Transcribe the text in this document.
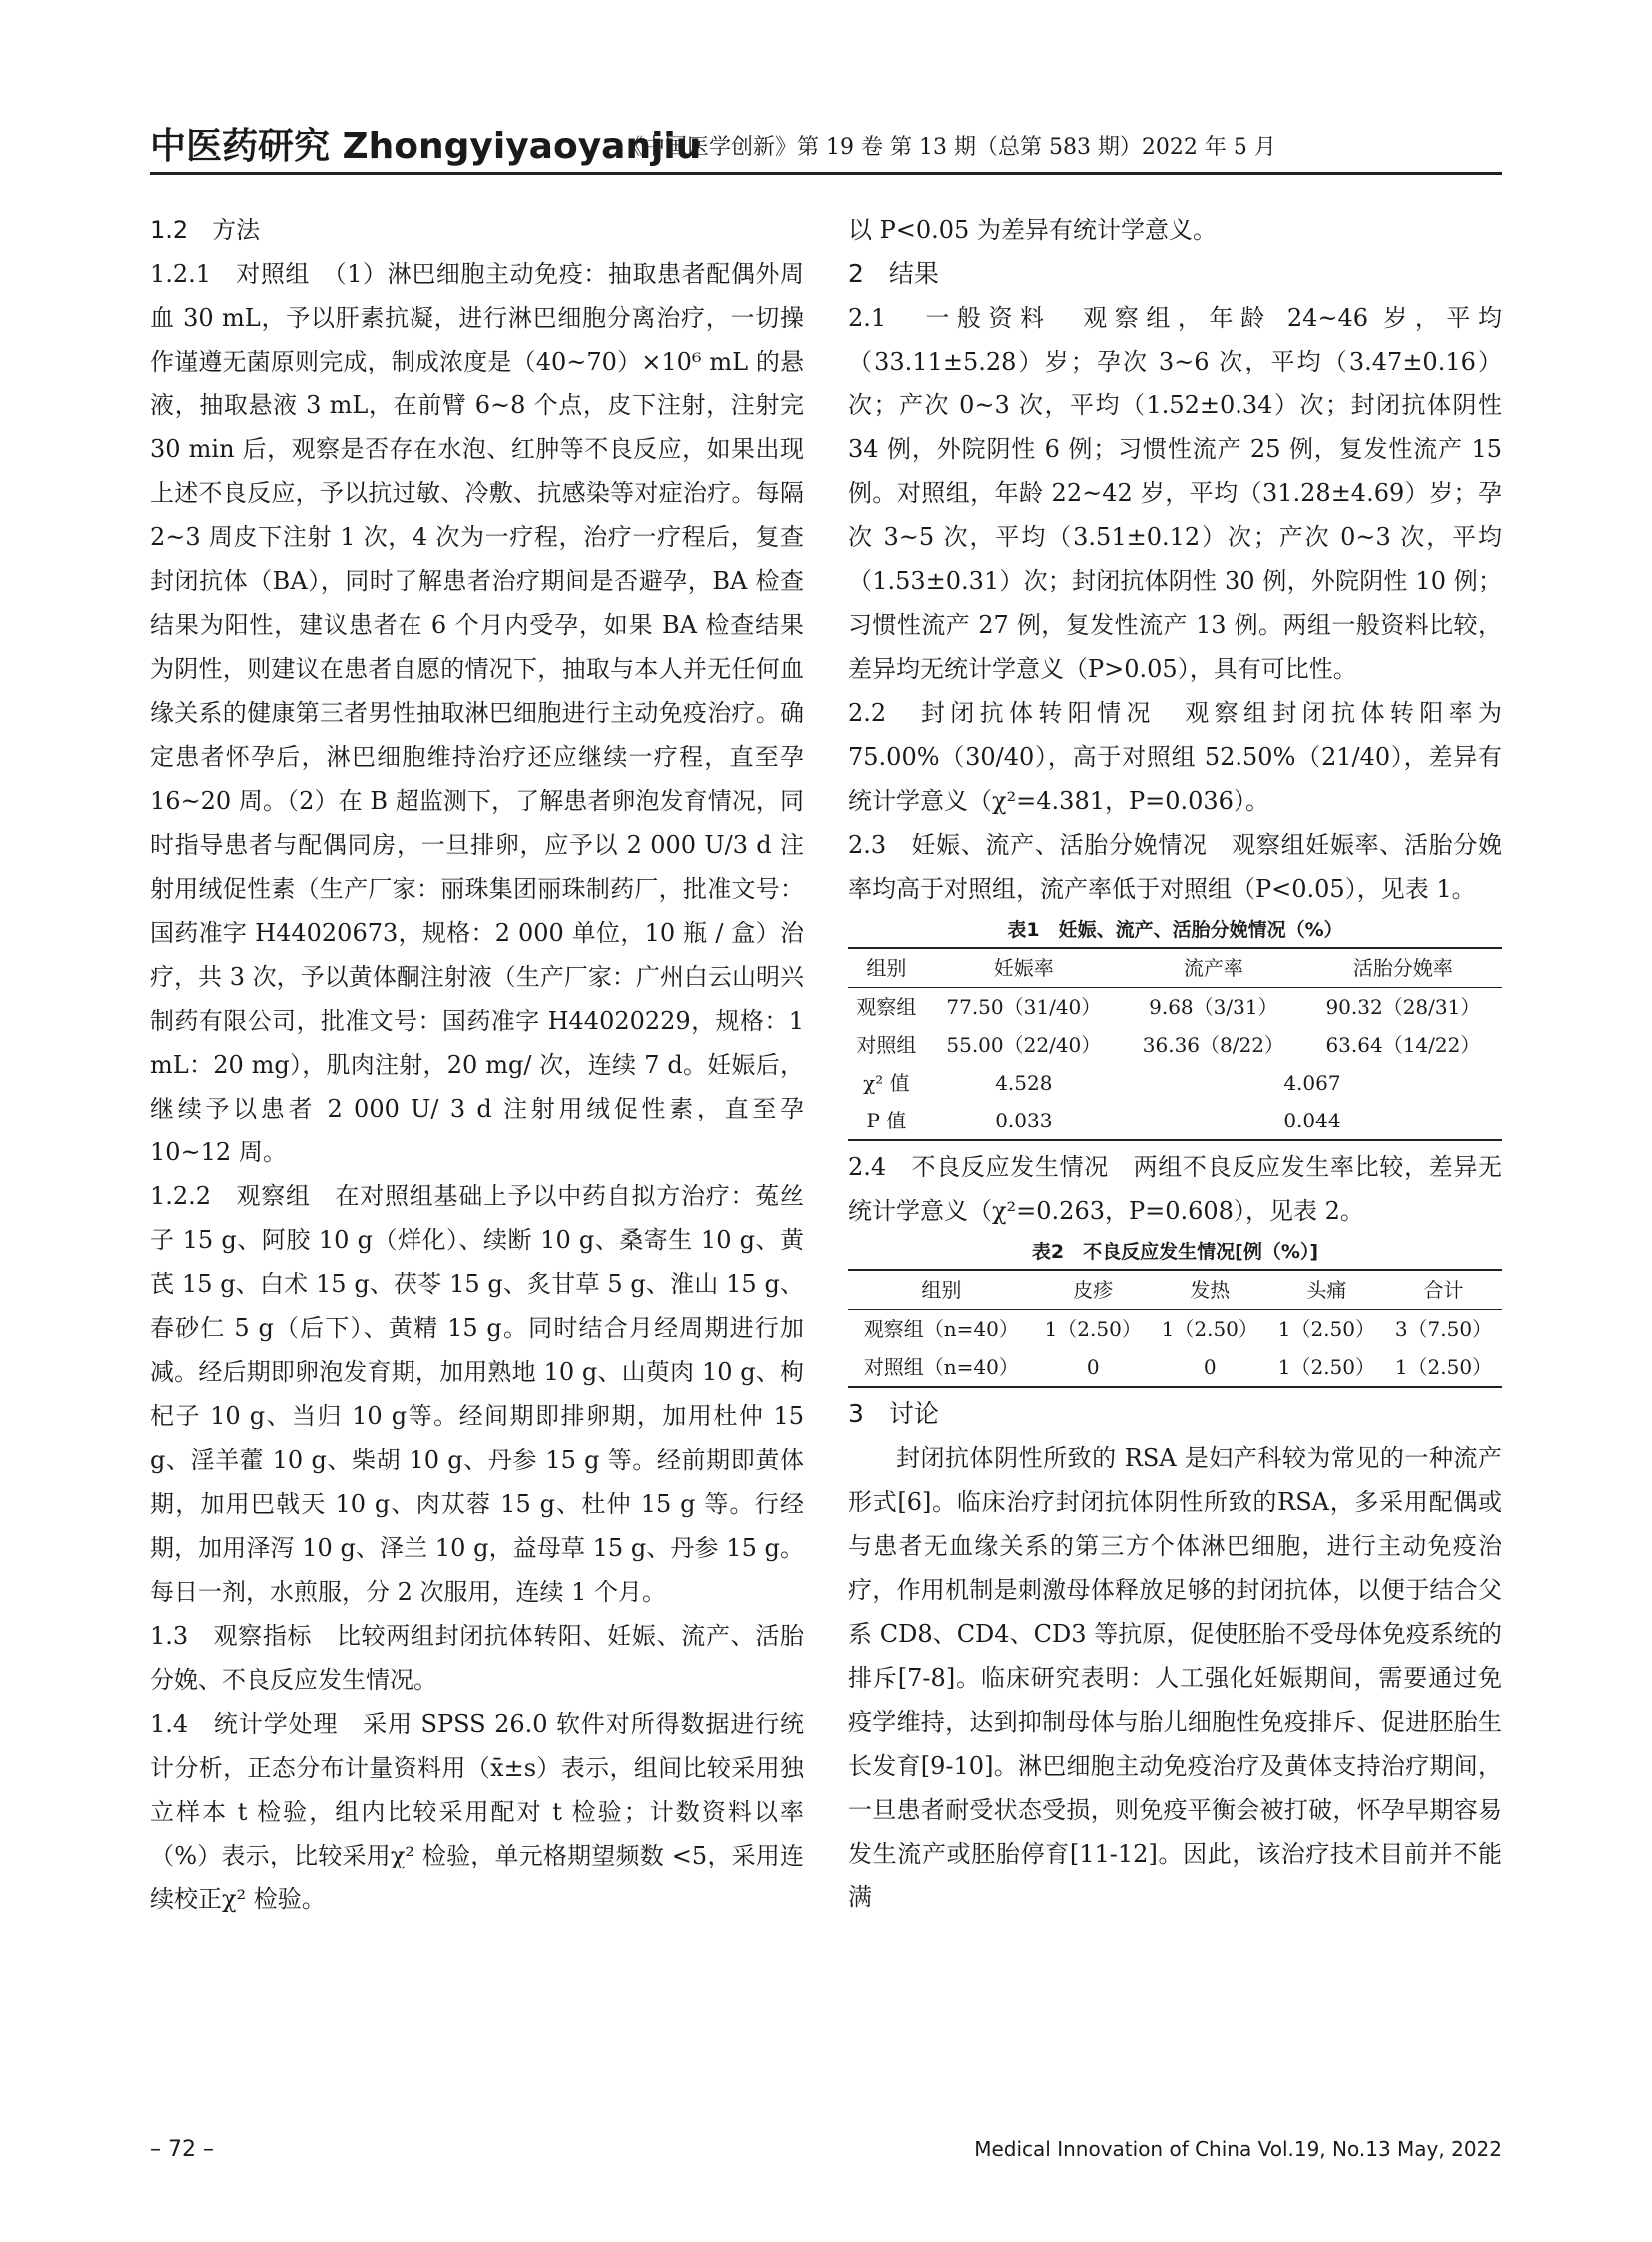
中医药研究 Zhongyiyaoyanjiu
《中国医学创新》第 19 卷 第 13 期（总第 583 期）2022 年 5 月

1.2　方法

1.2.1　对照组　（1）淋巴细胞主动免疫：抽取患者配偶外周血 30 mL，予以肝素抗凝，进行淋巴细胞分离治疗，一切操作谨遵无菌原则完成，制成浓度是（40~70）×10⁶ mL 的悬液，抽取悬液 3 mL，在前臂 6~8 个点，皮下注射，注射完 30 min 后，观察是否存在水泡、红肿等不良反应，如果出现上述不良反应，予以抗过敏、冷敷、抗感染等对症治疗。每隔 2~3 周皮下注射 1 次，4 次为一疗程，治疗一疗程后，复查封闭抗体（BA），同时了解患者治疗期间是否避孕，BA 检查结果为阳性，建议患者在 6 个月内受孕，如果 BA 检查结果为阴性，则建议在患者自愿的情况下，抽取与本人并无任何血缘关系的健康第三者男性抽取淋巴细胞进行主动免疫治疗。确定患者怀孕后，淋巴细胞维持治疗还应继续一疗程，直至孕 16~20 周。（2）在 B 超监测下，了解患者卵泡发育情况，同时指导患者与配偶同房，一旦排卵，应予以 2 000 U/3 d 注射用绒促性素（生产厂家：丽珠集团丽珠制药厂，批准文号：国药准字 H44020673，规格：2 000 单位，10 瓶 / 盒）治疗，共 3 次，予以黄体酮注射液（生产厂家：广州白云山明兴制药有限公司，批准文号：国药准字 H44020229，规格：1 mL：20 mg），肌肉注射，20 mg/ 次，连续 7 d。妊娠后，继续予以患者 2 000 U/ 3 d 注射用绒促性素，直至孕 10~12 周。

1.2.2　观察组　在对照组基础上予以中药自拟方治疗：菟丝子 15 g、阿胶 10 g（烊化）、续断 10 g、桑寄生 10 g、黄芪 15 g、白术 15 g、茯苓 15 g、炙甘草 5 g、淮山 15 g、春砂仁 5 g（后下）、黄精 15 g。同时结合月经周期进行加减。经后期即卵泡发育期，加用熟地 10 g、山萸肉 10 g、枸杞子 10 g、当归 10 g等。经间期即排卵期，加用杜仲 15 g、淫羊藿 10 g、柴胡 10 g、丹参 15 g 等。经前期即黄体期，加用巴戟天 10 g、肉苁蓉 15 g、杜仲 15 g 等。行经期，加用泽泻 10 g、泽兰 10 g，益母草 15 g、丹参 15 g。每日一剂，水煎服，分 2 次服用，连续 1 个月。

1.3　观察指标　比较两组封闭抗体转阳、妊娠、流产、活胎分娩、不良反应发生情况。

1.4　统计学处理　采用 SPSS 26.0 软件对所得数据进行统计分析，正态分布计量资料用（x̄±s）表示，组间比较采用独立样本 t 检验，组内比较采用配对 t 检验；计数资料以率（%）表示，比较采用χ² 检验，单元格期望频数 <5，采用连续校正χ² 检验。

以 P<0.05 为差异有统计学意义。

2　结果

2.1　一般资料　观察组，年龄 24~46 岁，平均（33.11±5.28）岁；孕次 3~6 次，平均（3.47±0.16）次；产次 0~3 次，平均（1.52±0.34）次；封闭抗体阴性 34 例，外院阴性 6 例；习惯性流产 25 例，复发性流产 15 例。对照组，年龄 22~42 岁，平均（31.28±4.69）岁；孕次 3~5 次，平均（3.51±0.12）次；产次 0~3 次，平均（1.53±0.31）次；封闭抗体阴性 30 例，外院阴性 10 例；习惯性流产 27 例，复发性流产 13 例。两组一般资料比较，差异均无统计学意义（P>0.05），具有可比性。

2.2　封闭抗体转阳情况　观察组封闭抗体转阳率为 75.00%（30/40），高于对照组 52.50%（21/40），差异有统计学意义（χ²=4.381，P=0.036）。

2.3　妊娠、流产、活胎分娩情况　观察组妊娠率、活胎分娩率均高于对照组，流产率低于对照组（P<0.05），见表 1。

表1　妊娠、流产、活胎分娩情况（%）
组别	妊娠率	流产率	活胎分娩率
观察组	77.50（31/40）	9.68（3/31）	90.32（28/31）
对照组	55.00（22/40）	36.36（8/22）	63.64（14/22）
χ² 值	4.528	4.067	
P 值	0.033	0.044	

2.4　不良反应发生情况　两组不良反应发生率比较，差异无统计学意义（χ²=0.263，P=0.608），见表 2。

表2　不良反应发生情况[例（%）]
组别	皮疹	发热	头痛	合计
观察组（n=40）	1（2.50）	1（2.50）	1（2.50）	3（7.50）
对照组（n=40）	0	0	1（2.50）	1（2.50）

3　讨论

封闭抗体阴性所致的 RSA 是妇产科较为常见的一种流产形式[6]。临床治疗封闭抗体阴性所致的RSA，多采用配偶或与患者无血缘关系的第三方个体淋巴细胞，进行主动免疫治疗，作用机制是刺激母体释放足够的封闭抗体，以便于结合父系 CD8、CD4、CD3 等抗原，促使胚胎不受母体免疫系统的排斥[7-8]。临床研究表明：人工强化妊娠期间，需要通过免疫学维持，达到抑制母体与胎儿细胞性免疫排斥、促进胚胎生长发育[9-10]。淋巴细胞主动免疫治疗及黄体支持治疗期间，一旦患者耐受状态受损，则免疫平衡会被打破，怀孕早期容易发生流产或胚胎停育[11-12]。因此，该治疗技术目前并不能满

– 72 –	Medical Innovation of China Vol.19, No.13 May, 2022
